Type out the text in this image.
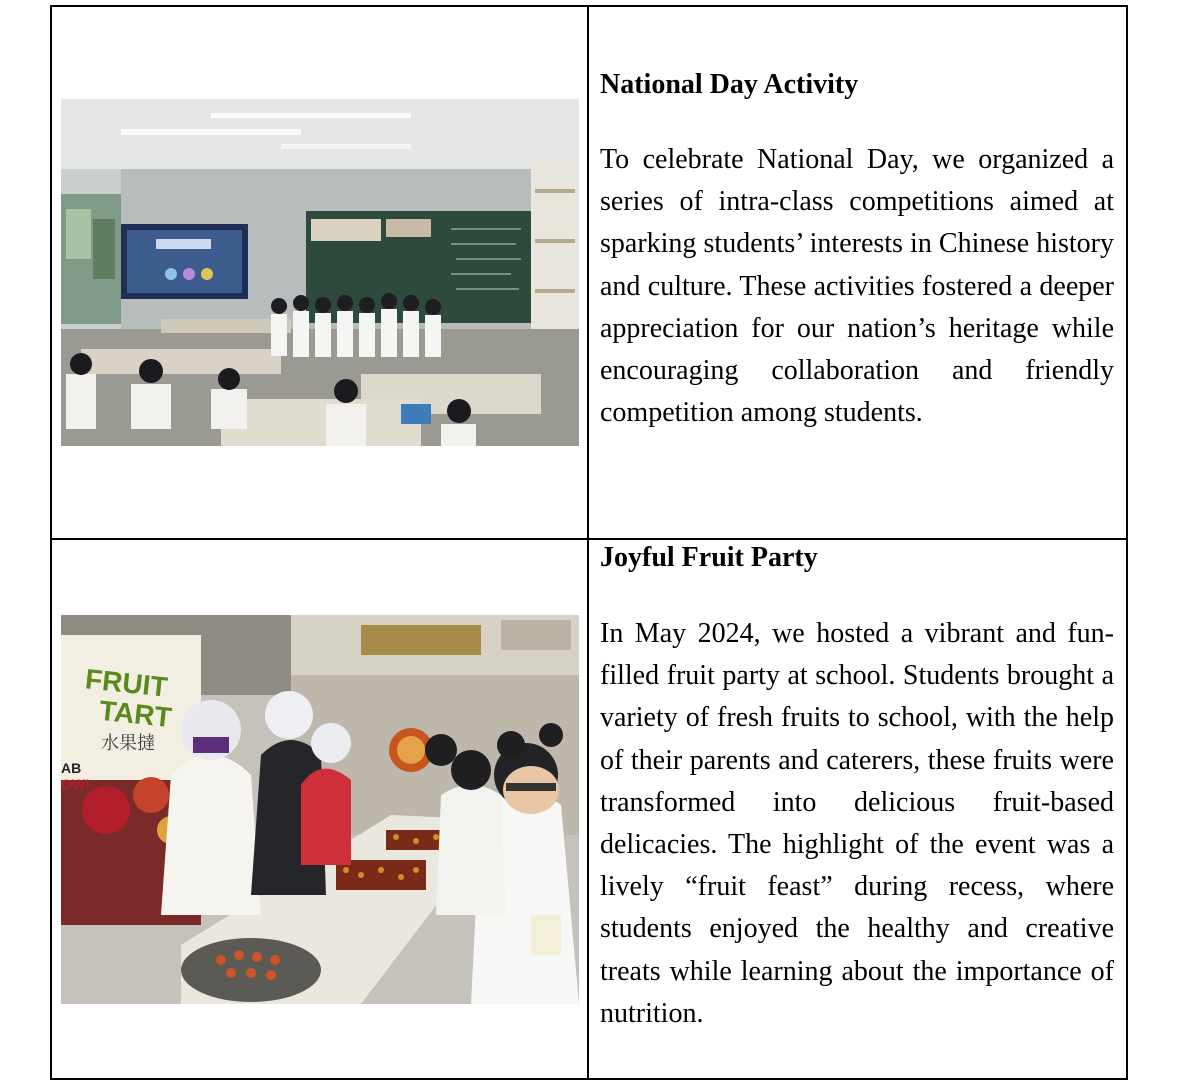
National Day Activity

To celebrate National Day, we organized a series of intra-class competitions aimed at sparking students’ interests in Chinese history and culture. These activities fostered a deeper appreciation for our nation’s heritage while encouraging collaboration and friendly competition among students.

FRUIT
TART
水果撻
AB
OW!
Joyful Fruit Party

In May 2024, we hosted a vibrant and fun-filled fruit party at school. Students brought a variety of fresh fruits to school, with the help of their parents and caterers, these fruits were transformed into delicious fruit-based delicacies. The highlight of the event was a lively “fruit feast” during recess, where students enjoyed the healthy and creative treats while learning about the importance of nutrition.
